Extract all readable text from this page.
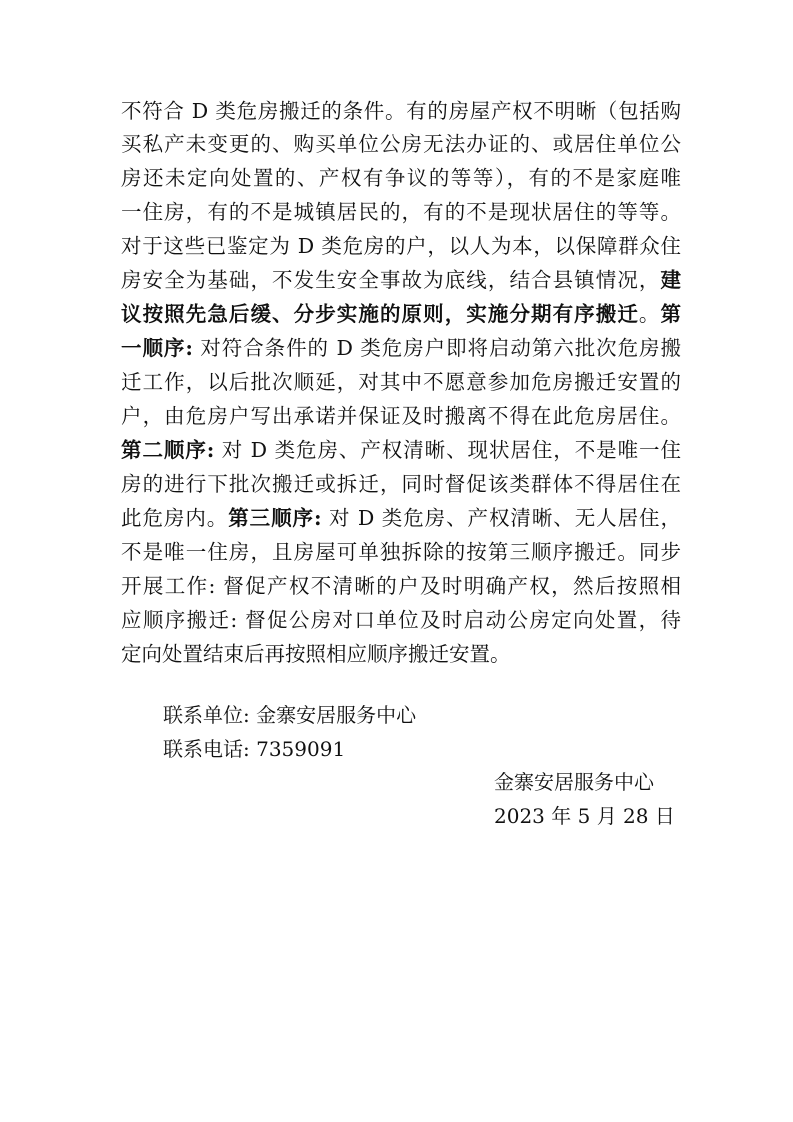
不符合 D 类危房搬迁的条件。有的房屋产权不明晰（包括购
买私产未变更的、购买单位公房无法办证的、或居住单位公
房还未定向处置的、产权有争议的等等），有的不是家庭唯
一住房，有的不是城镇居民的，有的不是现状居住的等等。
对于这些已鉴定为 D 类危房的户，以人为本，以保障群众住
房安全为基础，不发生安全事故为底线，结合县镇情况，建
议按照先急后缓、分步实施的原则，实施分期有序搬迁。第
一顺序: 对符合条件的 D 类危房户即将启动第六批次危房搬
迁工作，以后批次顺延，对其中不愿意参加危房搬迁安置的
户，由危房户写出承诺并保证及时搬离不得在此危房居住。
第二顺序: 对 D 类危房、产权清晰、现状居住，不是唯一住
房的进行下批次搬迁或拆迁，同时督促该类群体不得居住在
此危房内。第三顺序: 对 D 类危房、产权清晰、无人居住，
不是唯一住房，且房屋可单独拆除的按第三顺序搬迁。同步
开展工作: 督促产权不清晰的户及时明确产权，然后按照相
应顺序搬迁: 督促公房对口单位及时启动公房定向处置，待
定向处置结束后再按照相应顺序搬迁安置。
联系单位: 金寨安居服务中心
联系电话: 7359091
金寨安居服务中心
2023 年 5 月 28 日
